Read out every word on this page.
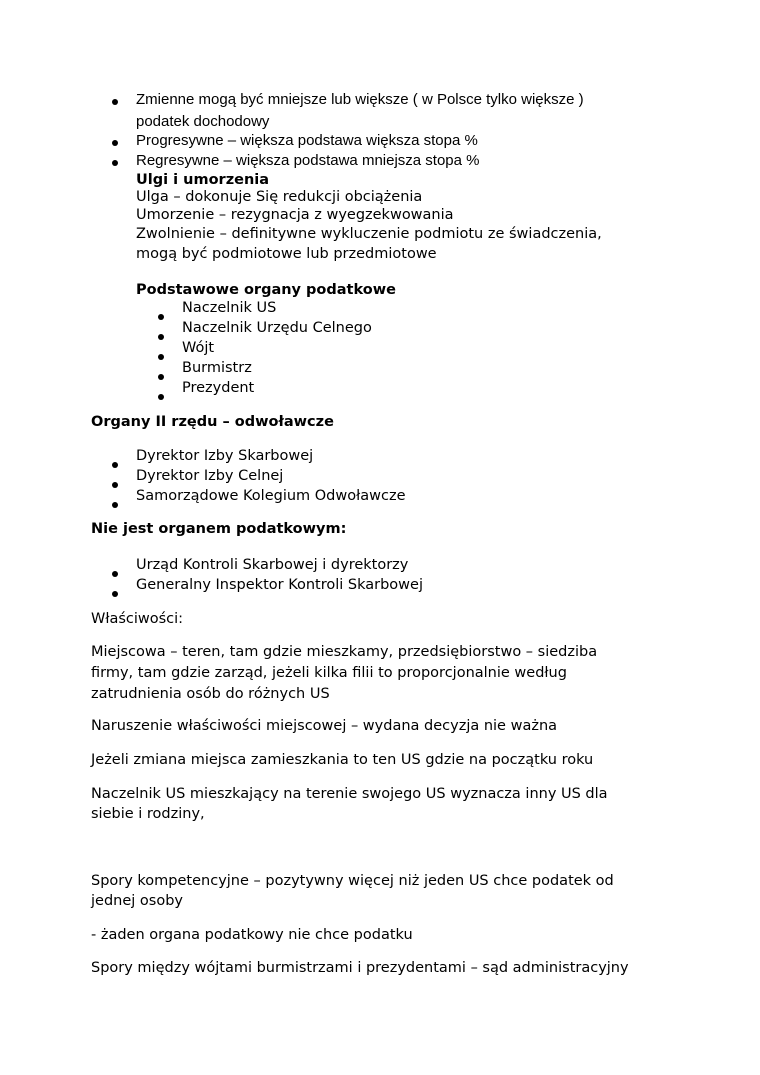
Zmienne mogą być mniejsze lub większe ( w Polsce tylko większe )
podatek dochodowy
Progresywne – większa podstawa większa stopa %
Regresywne – większa podstawa mniejsza stopa %
Ulgi i umorzenia
Ulga – dokonuje Się redukcji obciążenia
Umorzenie – rezygnacja z wyegzekwowania
Zwolnienie – definitywne wykluczenie podmiotu ze świadczenia,
mogą być podmiotowe lub przedmiotowe
Podstawowe organy podatkowe
Naczelnik US
Naczelnik Urzędu Celnego
Wójt
Burmistrz
Prezydent
Organy II rzędu – odwoławcze
Dyrektor Izby Skarbowej
Dyrektor Izby Celnej
Samorządowe Kolegium Odwoławcze
Nie jest organem podatkowym:
Urząd Kontroli Skarbowej i dyrektorzy
Generalny Inspektor Kontroli Skarbowej
Właściwości:
Miejscowa – teren, tam gdzie mieszkamy, przedsiębiorstwo – siedziba
firmy, tam gdzie zarząd, jeżeli kilka filii to proporcjonalnie według
zatrudnienia osób do różnych US
Naruszenie właściwości miejscowej – wydana decyzja nie ważna
Jeżeli zmiana miejsca zamieszkania to ten US gdzie na początku roku
Naczelnik US mieszkający na terenie swojego US wyznacza inny US dla
siebie i rodziny,
Spory kompetencyjne – pozytywny więcej niż jeden US chce podatek od
jednej osoby
- żaden organa podatkowy nie chce podatku
Spory między wójtami burmistrzami i prezydentami – sąd administracyjny
